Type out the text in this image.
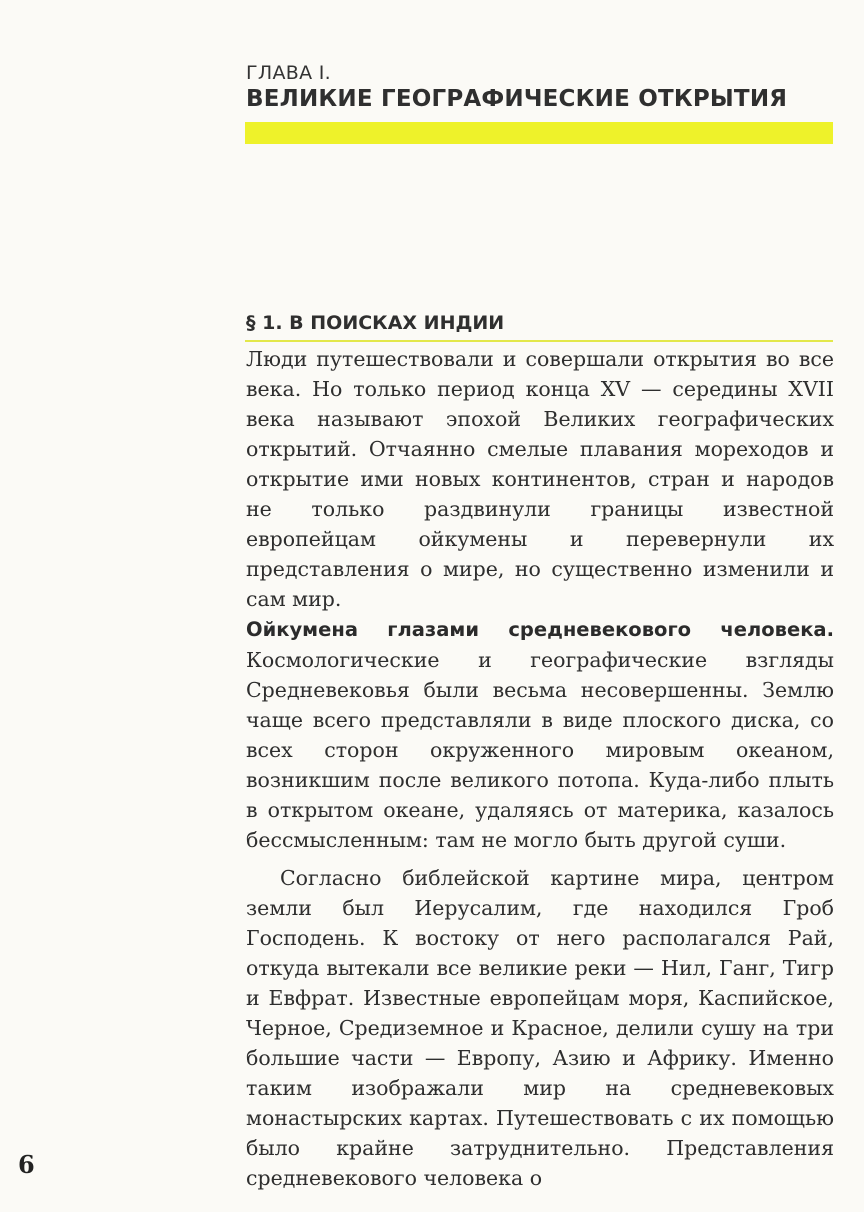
ГЛАВА I.
ВЕЛИКИЕ ГЕОГРАФИЧЕСКИЕ ОТКРЫТИЯ
§ 1. В ПОИСКАХ ИНДИИ

Люди путешествовали и совершали открытия во все века. Но только период конца XV — середины XVII века называют эпохой Великих географических открытий. Отчаянно смелые плавания мореходов и открытие ими новых континентов, стран и народов не только раздвинули границы известной европейцам ойкумены и перевернули их представления о мире, но существенно изменили и сам мир.

Ойкумена глазами средневекового человека. Космологические и географические взгляды Средневековья были весьма несовершенны. Землю чаще всего представляли в виде плоского диска, со всех сторон окруженного мировым океаном, возникшим после великого потопа. Куда-либо плыть в открытом океане, удаляясь от материка, казалось бессмысленным: там не могло быть другой суши.

Согласно библейской картине мира, центром земли был Иерусалим, где находился Гроб Господень. К востоку от него располагался Рай, откуда вытекали все великие реки — Нил, Ганг, Тигр и Евфрат. Известные европейцам моря, Каспийское, Черное, Средиземное и Красное, делили сушу на три большие части — Европу, Азию и Африку. Именно таким изображали мир на средневековых монастырских картах. Путешествовать с их помощью было крайне затруднительно. Представления средневекового человека о

6
